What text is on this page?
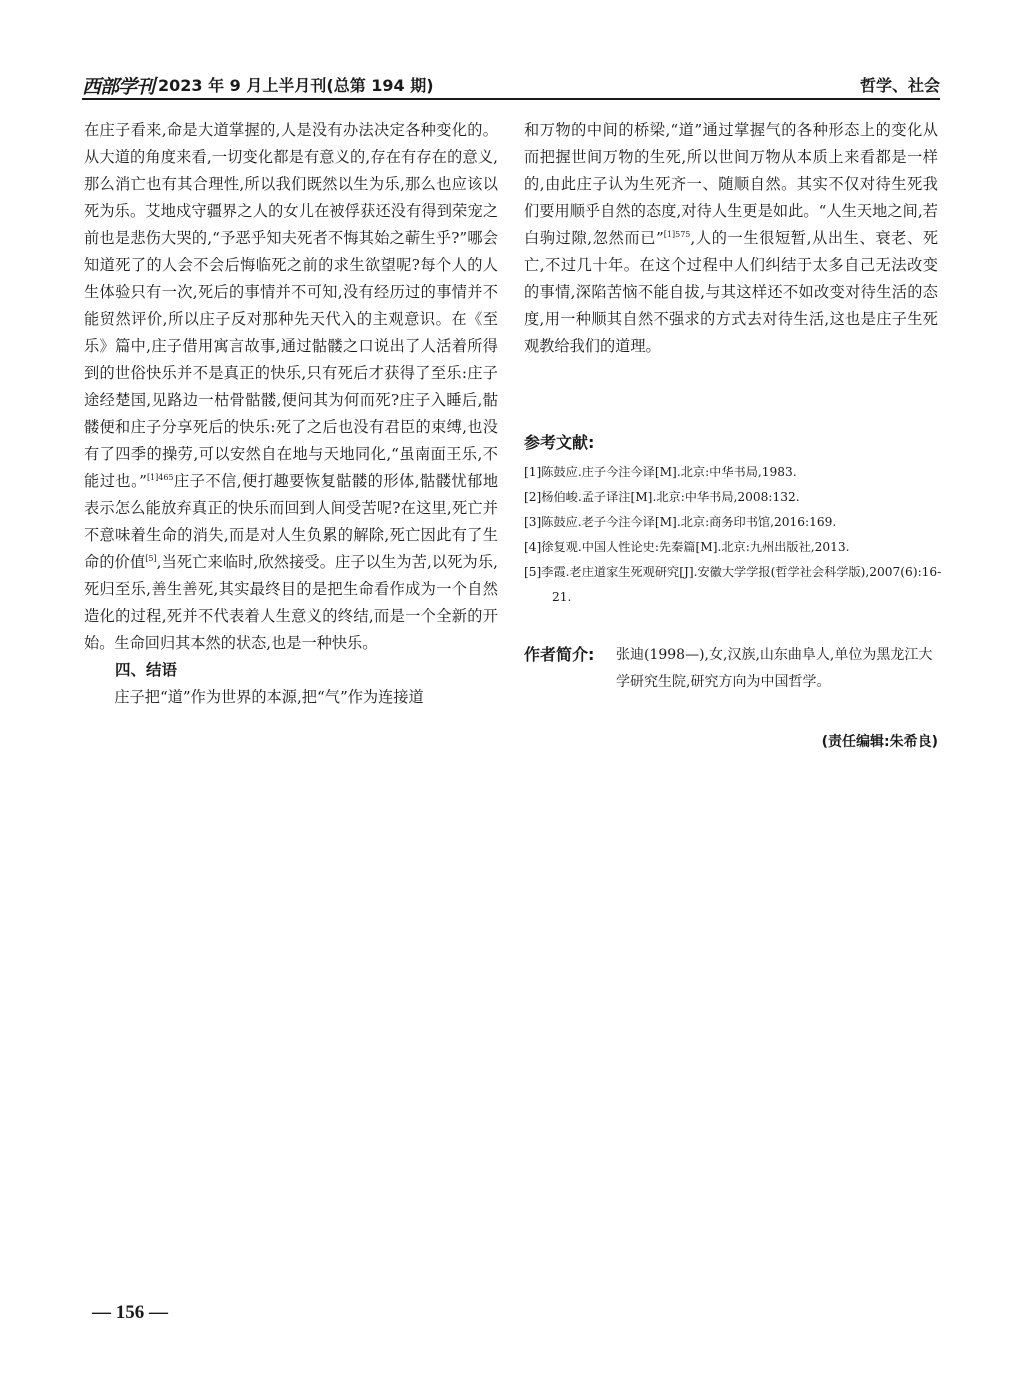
西部学刊 2023 年 9 月上半月刊(总第 194 期)	哲学、社会

在庄子看来,命是大道掌握的,人是没有办法决定各种变化的。从大道的角度来看,一切变化都是有意义的,存在有存在的意义,那么消亡也有其合理性,所以我们既然以生为乐,那么也应该以死为乐。艾地戍守疆界之人的女儿在被俘获还没有得到荣宠之前也是悲伤大哭的,“予恶乎知夫死者不悔其始之蕲生乎?”哪会知道死了的人会不会后悔临死之前的求生欲望呢?每个人的人生体验只有一次,死后的事情并不可知,没有经历过的事情并不能贸然评价,所以庄子反对那种先天代入的主观意识。在《至乐》篇中,庄子借用寓言故事,通过骷髅之口说出了人活着所得到的世俗快乐并不是真正的快乐,只有死后才获得了至乐:庄子途经楚国,见路边一枯骨骷髅,便问其为何而死?庄子入睡后,骷髅便和庄子分享死后的快乐:死了之后也没有君臣的束缚,也没有了四季的操劳,可以安然自在地与天地同化,“虽南面王乐,不能过也。”$^{[1]465}$庄子不信,便打趣要恢复骷髅的形体,骷髅忧郁地表示怎么能放弃真正的快乐而回到人间受苦呢?在这里,死亡并不意味着生命的消失,而是对人生负累的解除,死亡因此有了生命的价值[5],当死亡来临时,欣然接受。庄子以生为苦,以死为乐,死归至乐,善生善死,其实最终目的是把生命看作成为一个自然造化的过程,死并不代表着人生意义的终结,而是一个全新的开始。生命回归其本然的状态,也是一种快乐。

四、结语

庄子把“道”作为世界的本源,把“气”作为连接道

和万物的中间的桥梁,“道”通过掌握气的各种形态上的变化从而把握世间万物的生死,所以世间万物从本质上来看都是一样的,由此庄子认为生死齐一、随顺自然。其实不仅对待生死我们要用顺乎自然的态度,对待人生更是如此。“人生天地之间,若白驹过隙,忽然而已”$^{[1]575}$,人的一生很短暂,从出生、衰老、死亡,不过几十年。在这个过程中人们纠结于太多自己无法改变的事情,深陷苦恼不能自拔,与其这样还不如改变对待生活的态度,用一种顺其自然不强求的方式去对待生活,这也是庄子生死观教给我们的道理。

参考文献:
[1]陈鼓应.庄子今注今译[M].北京:中华书局,1983.
[2]杨伯峻.孟子译注[M].北京:中华书局,2008:132.
[3]陈鼓应.老子今注今译[M].北京:商务印书馆,2016:169.
[4]徐复观.中国人性论史:先秦篇[M].北京:九州出版社,2013.
[5]李霞.老庄道家生死观研究[J].安徽大学学报(哲学社会科学版),2007(6):16-21.
作者简介: 张迪(1998—),女,汉族,山东曲阜人,单位为黑龙江大学研究生院,研究方向为中国哲学。
(责任编辑:朱希良)
— 156 —
